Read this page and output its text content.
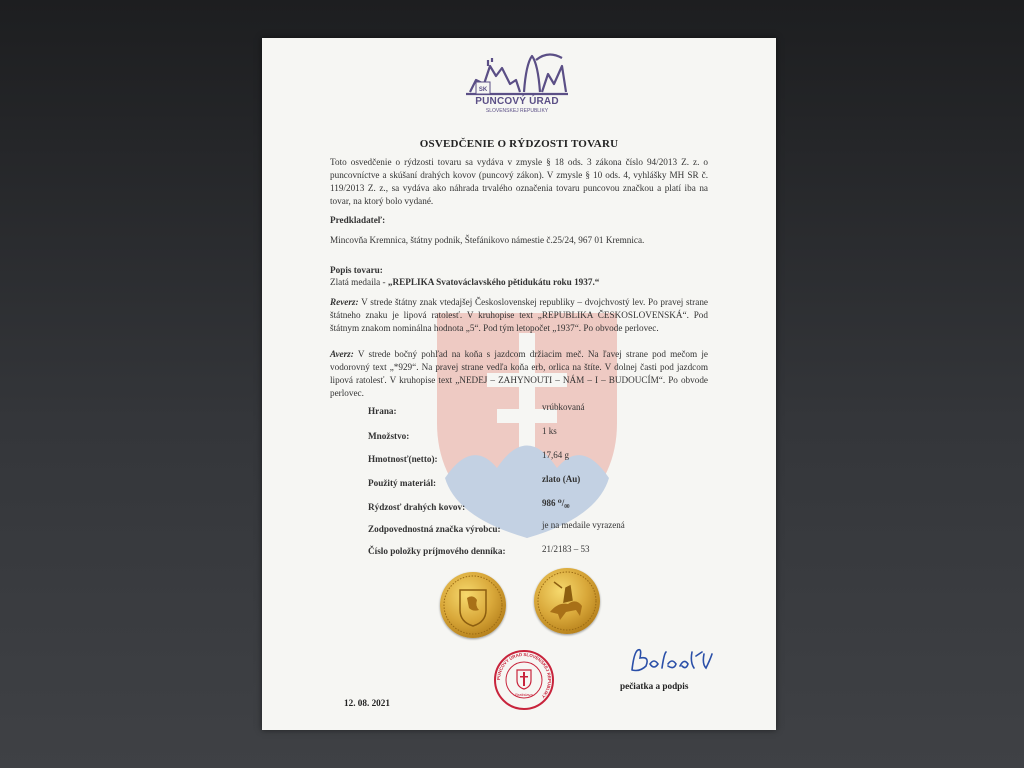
SK
PUNCOVÝ ÚRAD
SLOVENSKEJ REPUBLIKY
OSVEDČENIE O RÝDZOSTI TOVARU
Toto osvedčenie o rýdzosti tovaru sa vydáva v zmysle § 18 ods. 3 zákona číslo 94/2013 Z. z. o puncovníctve a skúšaní drahých kovov (puncový zákon). V zmysle § 10 ods. 4, vyhlášky MH SR č. 119/2013 Z. z., sa vydáva ako náhrada trvalého označenia tovaru puncovou značkou a platí iba na tovar, na ktorý bolo vydané.
Predkladateľ:
Mincovňa Kremnica, štátny podnik, Štefánikovo námestie č.25/24, 967 01 Kremnica.
Popis tovaru:
Zlatá medaila - „REPLIKA Svatováclavského pětidukátu roku 1937.“
Reverz: V strede štátny znak vtedajšej Československej republiky – dvojchvostý lev. Po pravej strane štátneho znaku je lipová ratolesť. V kruhopise text „REPUBLIKA ČESKOSLOVENSKÁ“. Pod štátnym znakom nominálna hodnota „5“. Pod tým letopočet „1937“. Po obvode perlovec.
Averz: V strede bočný pohľad na koňa s jazdcom držiacim meč. Na ľavej strane pod mečom je vodorovný text „*929“. Na pravej strane vedľa koňa erb, orlica na štíte. V dolnej časti pod jazdcom lipová ratolesť. V kruhopise text „NEDEJ – ZAHYNOUTI – NÁM – I – BUDOUCÍM“. Po obvode perlovec.
Hrana:	vrúbkovaná
Množstvo:	1 ks
Hmotnosť(netto):	17,64 g
Použitý materiál:	zlato (Au)
Rýdzosť drahých kovov:	986 ⁰/₀₀
Zodpovednostná značka výrobcu:	je na medaile vyrazená
Číslo položky príjmového denníka:	21/2183 – 53
PUNCOVÝ ÚRAD SLOVENSKEJ REPUBLIKY
Bratislava
12. 08. 2021
pečiatka a podpis
